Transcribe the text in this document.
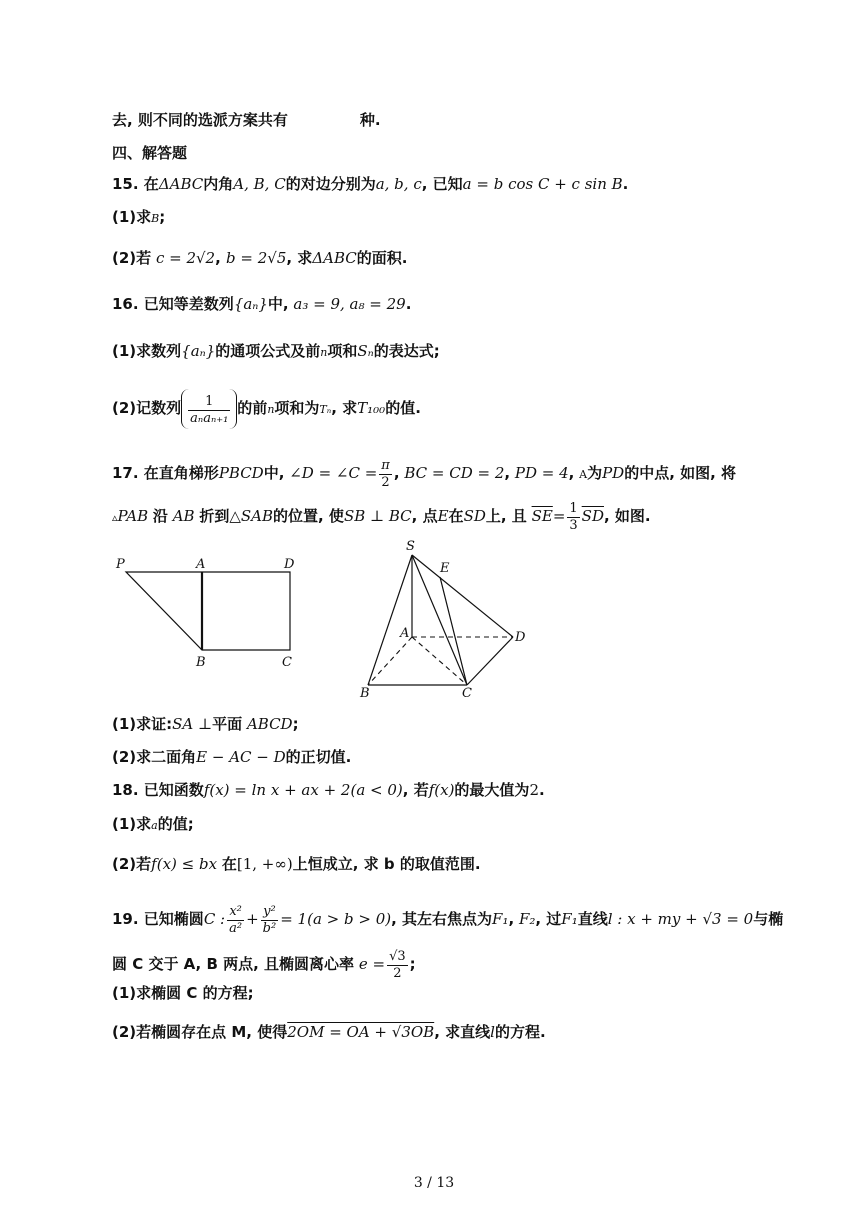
去, 则不同的选派方案共有	种.
四、解答题
15. 在ΔABC内角A, B, C的对边分别为a, b, c, 已知a = b cos C + c sin B.
(1)求B;
(2)若 c = 2√2, b = 2√5, 求ΔABC的面积.
16. 已知等差数列{aₙ}中, a₃ = 9, a₈ = 29.
(1)求数列{aₙ}的通项公式及前n项和Sₙ的表达式;
(2)记数列 $\frac{1}{\text{aₙaₙ₊₁}}$ 的前n项和为Tₙ, 求T₁₀₀的值.
17. 在直角梯形PBCD中, ∠D = ∠C = $\frac{\pi}{2}$ , BC = CD = 2, PD = 4, A为PD的中点, 如图, 将
▵PAB 沿 AB 折到△SAB的位置, 使SB ⊥ BC, 点E在SD上, 且 $\overline{SE}= \frac{1}{3} \overline{SD}$, 如图.
P	A	D
B	C
S
E
A	D
B	C
(1)求证:SA ⊥平面 ABCD;
(2)求二面角E − AC − D的正切值.
18. 已知函数f(x) = ln x + ax + 2(a < 0), 若f(x)的最大值为2.
(1)求a的值;
(2)若f(x) ≤ bx 在[1, +∞)上恒成立, 求 b 的取值范围.
19. 已知椭圆C : $\frac{\text{x²}}{\text{a²}} + \frac{\text{y²}}{\text{b²}} = 1(a > b > 0)$, 其左右焦点为F₁, F₂, 过F₁直线l : x + my + √3 = 0与椭
圆 C 交于 A, B 两点, 且椭圆离心率 $e = \frac{√3}{2}$ ;
(1)求椭圆 C 的方程;
(2)若椭圆存在点 M, 使得2OM = OA + √3OB, 求直线l的方程.
3 / 13
